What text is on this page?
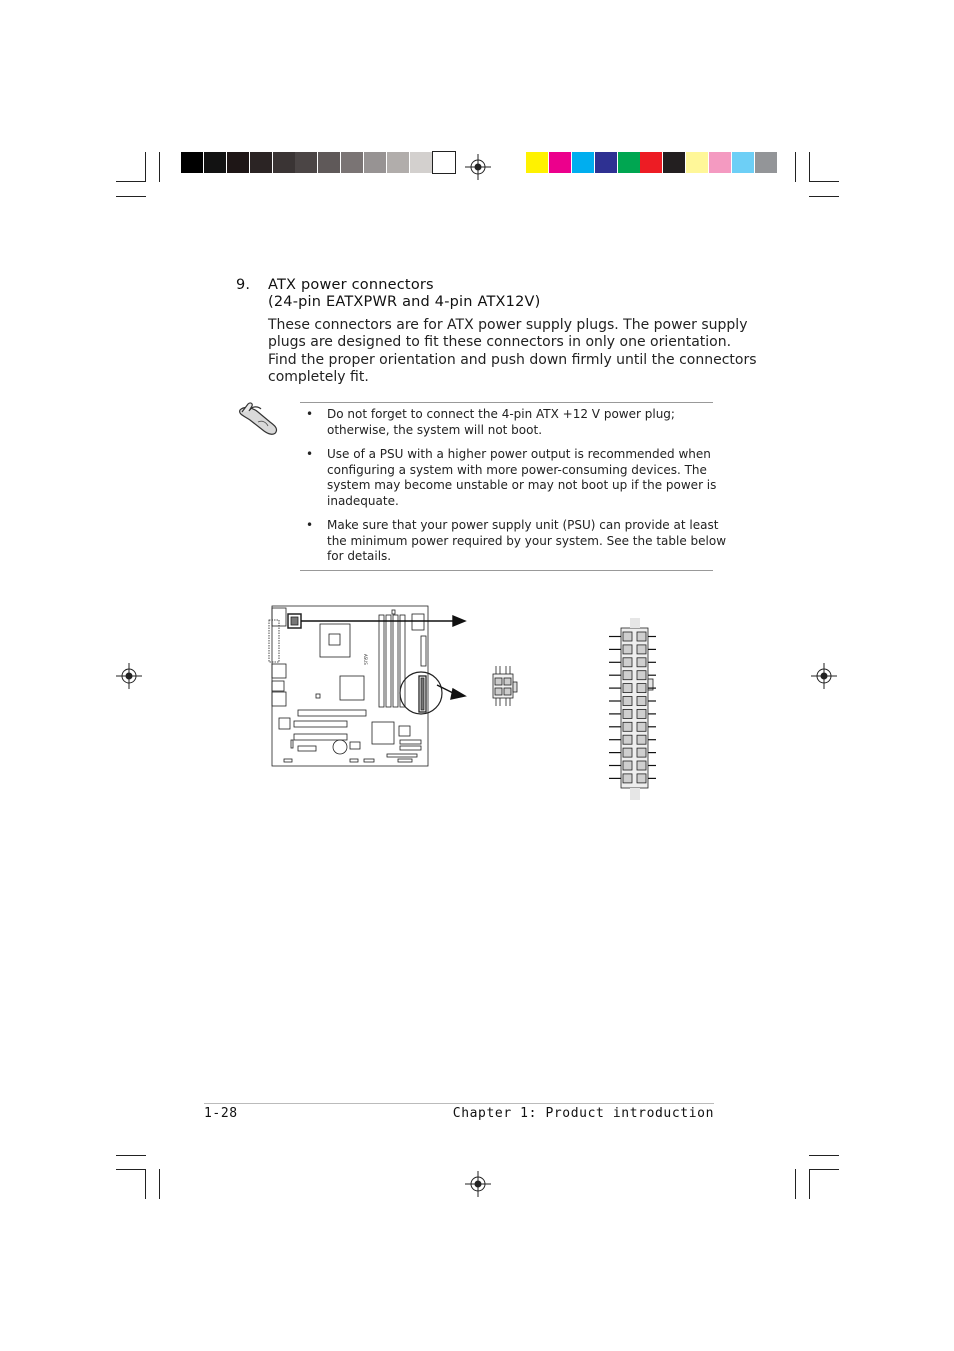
9. ATX power connectors
(24-pin EATXPWR and 4-pin ATX12V)
These connectors are for ATX power supply plugs. The power supply
plugs are designed to fit these connectors in only one orientation.
Find the proper orientation and push down firmly until the connectors
completely fit.
• Do not forget to connect the 4-pin ATX +12 V power plug;
otherwise, the system will not boot.
• Use of a PSU with a higher power output is recommended when
configuring a system with more power-consuming devices. The
system may become unstable or may not boot up if the power is
inadequate.
• Make sure that your power supply unit (PSU) can provide at least
the minimum power required by your system. See the table below
for details.
ASUS
1-28	Chapter 1: Product introduction
